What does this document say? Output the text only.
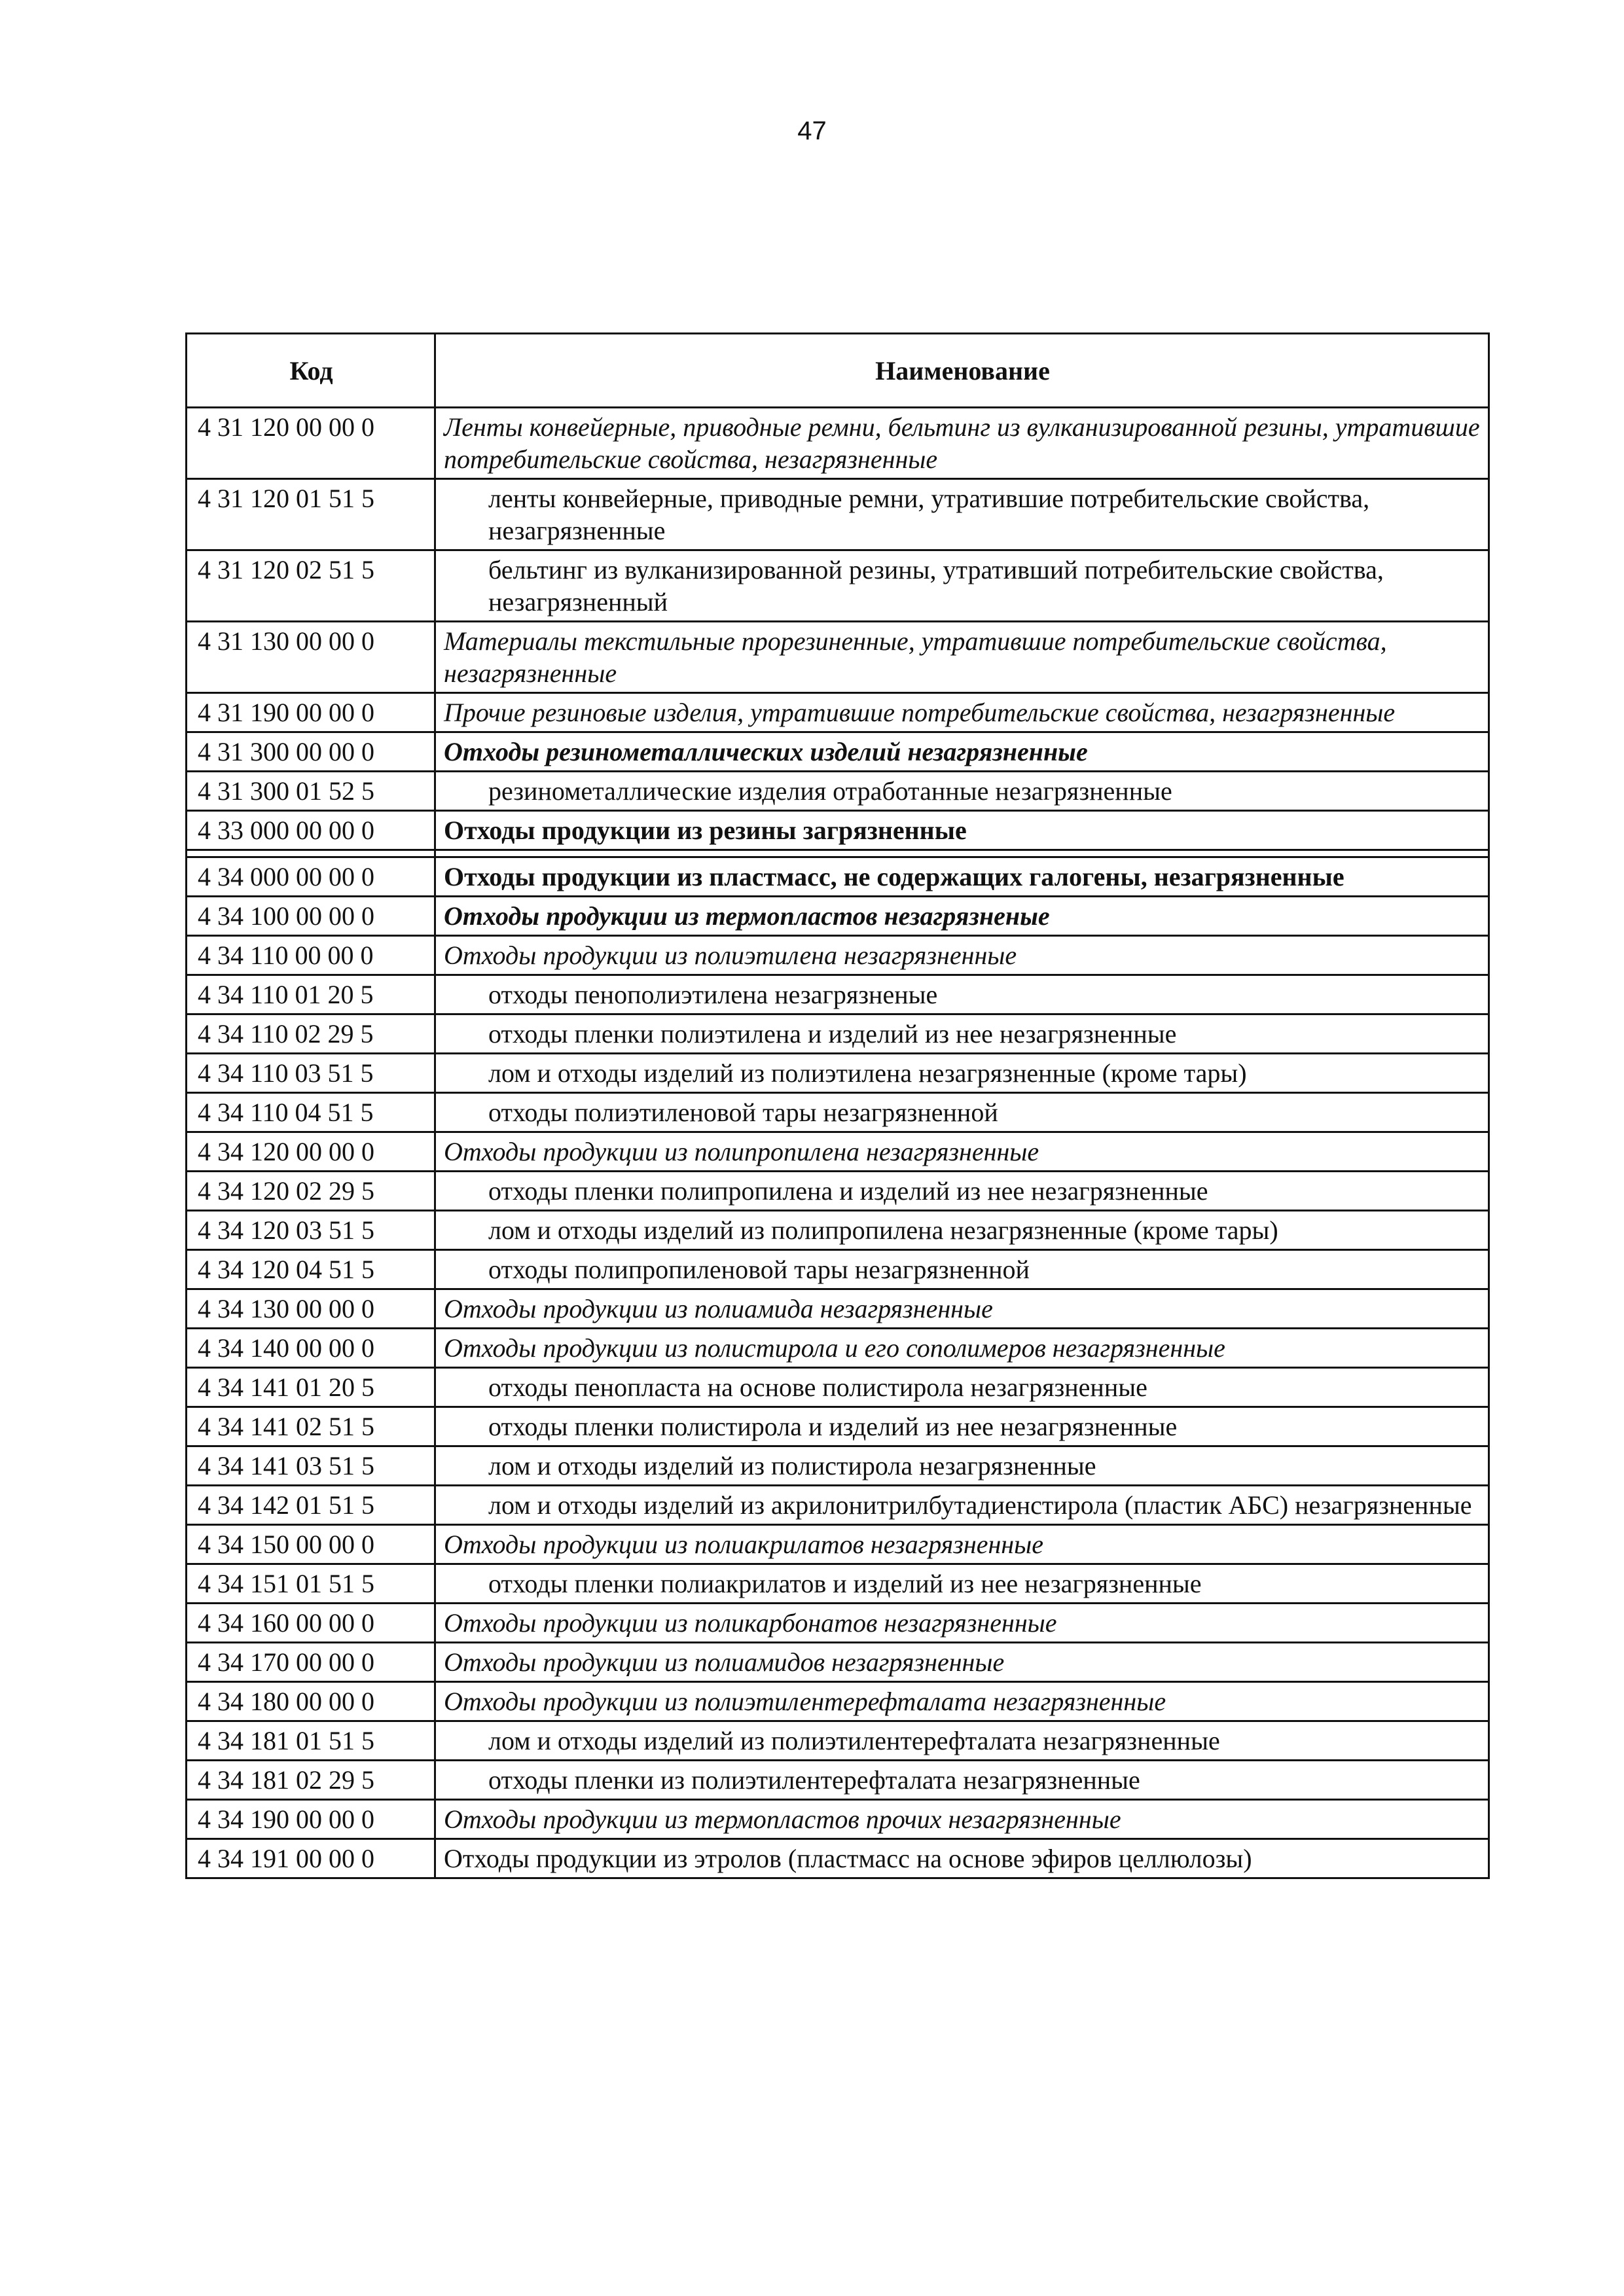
47
Код	Наименование
4 31 120 00 00 0	Ленты конвейерные, приводные ремни, бельтинг из вулканизированной резины, утратившие потребительские свойства, незагрязненные
4 31 120 01 51 5	ленты конвейерные, приводные ремни, утратившие потребительские свойства, незагрязненные
4 31 120 02 51 5	бельтинг из вулканизированной резины, утративший потребительские свойства, незагрязненный
4 31 130 00 00 0	Материалы текстильные прорезиненные, утратившие потребительские свойства, незагрязненные
4 31 190 00 00 0	Прочие резиновые изделия, утратившие потребительские свойства, незагрязненные
4 31 300 00 00 0	Отходы резинометаллических изделий незагрязненные
4 31 300 01 52 5	резинометаллические изделия отработанные незагрязненные
4 33 000 00 00 0	Отходы продукции из резины загрязненные

4 34 000 00 00 0	Отходы продукции из пластмасс, не содержащих галогены, незагрязненные
4 34 100 00 00 0	Отходы продукции из термопластов незагрязненые
4 34 110 00 00 0	Отходы продукции из полиэтилена незагрязненные
4 34 110 01 20 5	отходы пенополиэтилена незагрязненые
4 34 110 02 29 5	отходы пленки полиэтилена и изделий из нее незагрязненные
4 34 110 03 51 5	лом и отходы изделий из полиэтилена незагрязненные (кроме тары)
4 34 110 04 51 5	отходы полиэтиленовой тары незагрязненной
4 34 120 00 00 0	Отходы продукции из полипропилена незагрязненные
4 34 120 02 29 5	отходы пленки полипропилена и изделий из нее незагрязненные
4 34 120 03 51 5	лом и отходы изделий из полипропилена незагрязненные (кроме тары)
4 34 120 04 51 5	отходы полипропиленовой тары незагрязненной
4 34 130 00 00 0	Отходы продукции из полиамида незагрязненные
4 34 140 00 00 0	Отходы продукции из полистирола и его сополимеров незагрязненные
4 34 141 01 20 5	отходы пенопласта на основе полистирола незагрязненные
4 34 141 02 51 5	отходы пленки полистирола и изделий из нее незагрязненные
4 34 141 03 51 5	лом и отходы изделий из полистирола незагрязненные
4 34 142 01 51 5	лом и отходы изделий из акрилонитрилбутадиенстирола (пластик АБС) незагрязненные
4 34 150 00 00 0	Отходы продукции из полиакрилатов незагрязненные
4 34 151 01 51 5	отходы пленки полиакрилатов и изделий из нее незагрязненные
4 34 160 00 00 0	Отходы продукции из поликарбонатов незагрязненные
4 34 170 00 00 0	Отходы продукции из полиамидов незагрязненные
4 34 180 00 00 0	Отходы продукции из полиэтилентерефталата незагрязненные
4 34 181 01 51 5	лом и отходы изделий из полиэтилентерефталата незагрязненные
4 34 181 02 29 5	отходы пленки из полиэтилентерефталата незагрязненные
4 34 190 00 00 0	Отходы продукции из термопластов прочих незагрязненные
4 34 191 00 00 0	Отходы продукции из этролов (пластмасс на основе эфиров целлюлозы)
